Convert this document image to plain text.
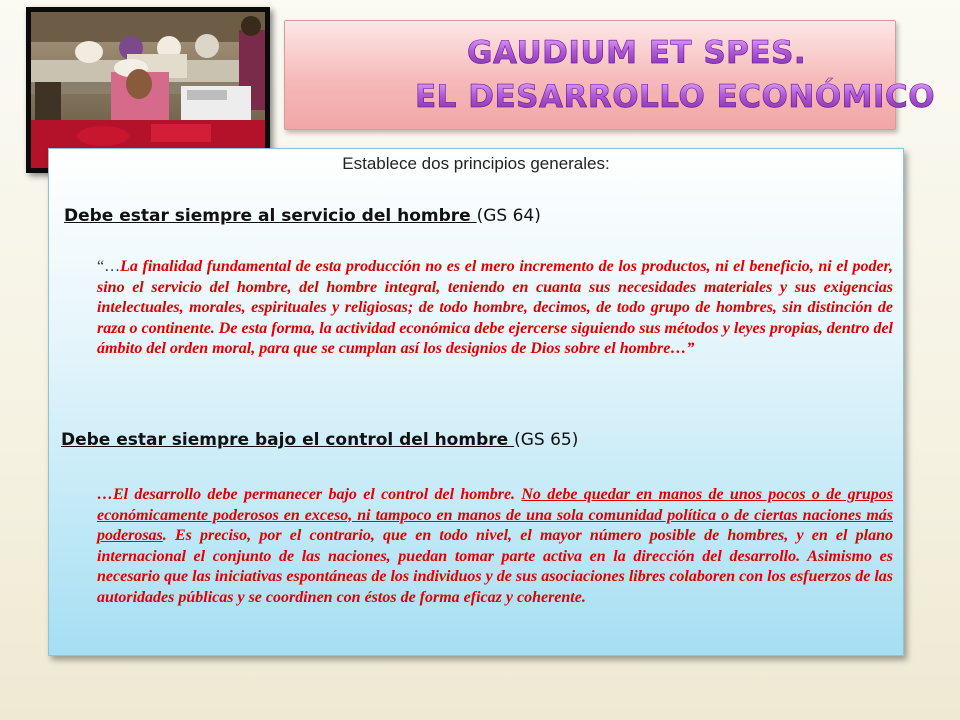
GAUDIUM ET SPES.
EL DESARROLLO ECONÓMICO
Establece dos principios generales:
Debe estar siempre al servicio del hombre (GS 64)
“…La finalidad fundamental de esta producción no es el mero incremento de los productos, ni el beneficio, ni el poder, sino el servicio del hombre, del hombre integral, teniendo en cuanta sus necesidades materiales y sus exigencias intelectuales, morales, espirituales y religiosas; de todo hombre, decimos, de todo grupo de hombres, sin distinción de raza o continente. De esta forma, la actividad económica debe ejercerse siguiendo sus métodos y leyes propias, dentro del ámbito del orden moral, para que se cumplan así los designios de Dios sobre el hombre…”
Debe estar siempre bajo el control del hombre (GS 65)
…El desarrollo debe permanecer bajo el control del hombre. No debe quedar en manos de unos pocos o de grupos económicamente poderosos en exceso, ni tampoco en manos de una sola comunidad política o de ciertas naciones más poderosas. Es preciso, por el contrario, que en todo nivel, el mayor número posible de hombres, y en el plano internacional el conjunto de las naciones, puedan tomar parte activa en la dirección del desarrollo. Asimismo es necesario que las iniciativas espontáneas de los individuos y de sus asociaciones libres colaboren con los esfuerzos de las autoridades públicas y se coordinen con éstos de forma eficaz y coherente.
